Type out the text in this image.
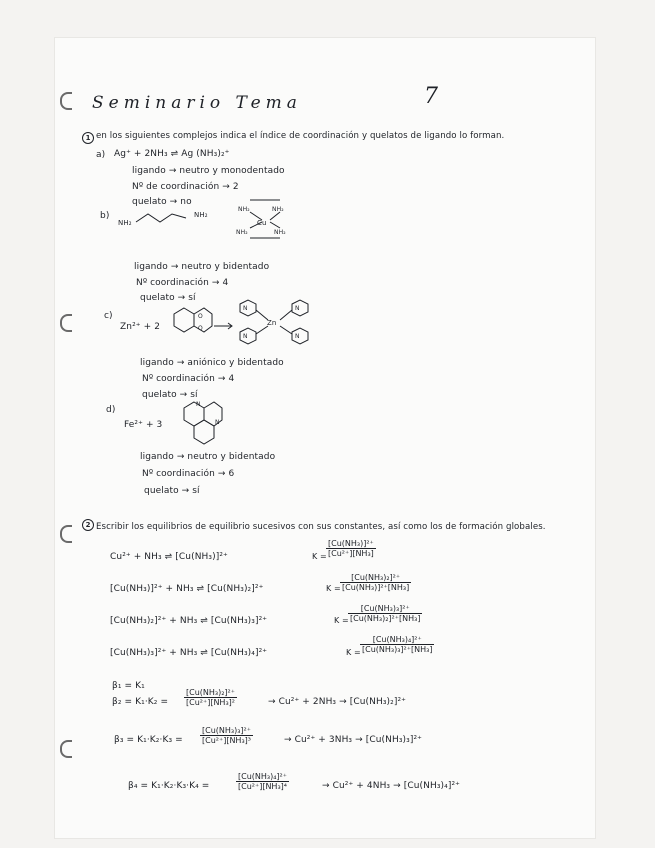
Seminario Tema	7
1 en los siguientes complejos indica el índice de coordinación y quelatos de ligando lo forman.
a) Ag⁺ + 2NH₃ ⇌ Ag (NH₃)₂⁺
ligando → neutro y monodentado
Nº de coordinación → 2
quelato → no
b)
NH₂
NH₂
Cu
NH₂	NH₂
NH₂	NH₂
ligando → neutro y bidentado
Nº coordinación → 4
quelato → sí
c)
Zn²⁺ + 2
O
O →
N
N
N
N
Zn
ligando → aniónico y bidentado
Nº coordinación → 4
quelato → sí
d)
Fe²⁺ + 3
N
N
ligando → neutro y bidentado
Nº coordinación → 6
quelato → sí
2 Escribir los equilibrios de equilibrio sucesivos con sus constantes, así como los de formación globales.
Cu²⁺ + NH₃ ⇌ [Cu(NH₃)]²⁺	$K = \frac{\text{[Cu(NH₃)]²⁺}}{\text{[Cu²⁺][NH₃]}}$
[Cu(NH₃)]²⁺ + NH₃ ⇌ [Cu(NH₃)₂]²⁺	$K = \frac{\text{[Cu(NH₃)₂]²⁺}}{\text{[Cu(NH₃)]²⁺[NH₃]}}$
[Cu(NH₃)₂]²⁺ + NH₃ ⇌ [Cu(NH₃)₃]²⁺	$K = \frac{\text{[Cu(NH₃)₃]²⁺}}{\text{[Cu(NH₃)₂]²⁺[NH₃]}}$
[Cu(NH₃)₃]²⁺ + NH₃ ⇌ [Cu(NH₃)₄]²⁺	$K = \frac{\text{[Cu(NH₃)₄]²⁺}}{\text{[Cu(NH₃)₃]²⁺[NH₃]}}$
β₁ = K₁
$\beta_2 = K_1\cdot K_2 = \frac{\text{[Cu(NH₃)₂]²⁺}}{\text{[Cu²⁺][NH₃]²}}$	→ Cu²⁺ + 2NH₃ → [Cu(NH₃)₂]²⁺
$\beta_3 = K_1\cdot K_2\cdot K_3 = \frac{\text{[Cu(NH₃)₃]²⁺}}{\text{[Cu²⁺][NH₃]³}}$	→ Cu²⁺ + 3NH₃ → [Cu(NH₃)₃]²⁺
β₄ = K₁·K₂·K₃·K₄ =	$\frac{\text{[Cu(NH₃)₄]²⁺}}{\text{[Cu²⁺][NH₃]⁴}}$	→ Cu²⁺ + 4NH₃ → [Cu(NH₃)₄]²⁺
